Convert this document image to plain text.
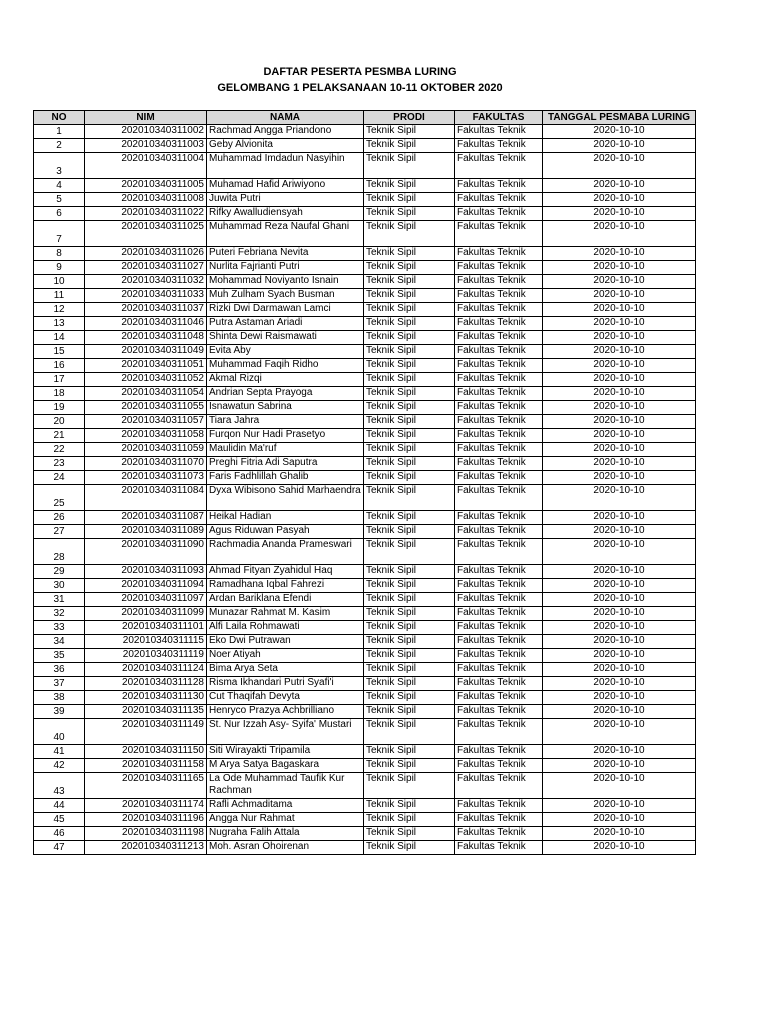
DAFTAR PESERTA PESMBA LURING
GELOMBANG 1 PELAKSANAAN 10-11 OKTOBER 2020
NO	NIM	NAMA	PRODI	FAKULTAS	TANGGAL PESMABA LURING
1	202010340311002	Rachmad Angga Priandono	Teknik Sipil	Fakultas Teknik	2020-10-10
2	202010340311003	Geby Alvionita	Teknik Sipil	Fakultas Teknik	2020-10-10
3	202010340311004	Muhammad Imdadun Nasyihin	Teknik Sipil	Fakultas Teknik	2020-10-10
4	202010340311005	Muhamad Hafid Ariwiyono	Teknik Sipil	Fakultas Teknik	2020-10-10
5	202010340311008	Juwita Putri	Teknik Sipil	Fakultas Teknik	2020-10-10
6	202010340311022	Rifky Awalludiensyah	Teknik Sipil	Fakultas Teknik	2020-10-10
7	202010340311025	Muhammad Reza Naufal Ghani	Teknik Sipil	Fakultas Teknik	2020-10-10
8	202010340311026	Puteri Febriana Nevita	Teknik Sipil	Fakultas Teknik	2020-10-10
9	202010340311027	Nurlita Fajrianti Putri	Teknik Sipil	Fakultas Teknik	2020-10-10
10	202010340311032	Mohammad Noviyanto Isnain	Teknik Sipil	Fakultas Teknik	2020-10-10
11	202010340311033	Muh Zulham Syach Busman	Teknik Sipil	Fakultas Teknik	2020-10-10
12	202010340311037	Rizki Dwi Darmawan Lamci	Teknik Sipil	Fakultas Teknik	2020-10-10
13	202010340311046	Putra Astaman Ariadi	Teknik Sipil	Fakultas Teknik	2020-10-10
14	202010340311048	Shinta Dewi Raismawati	Teknik Sipil	Fakultas Teknik	2020-10-10
15	202010340311049	Evita Aby	Teknik Sipil	Fakultas Teknik	2020-10-10
16	202010340311051	Muhammad Faqih Ridho	Teknik Sipil	Fakultas Teknik	2020-10-10
17	202010340311052	Akmal Rizqi	Teknik Sipil	Fakultas Teknik	2020-10-10
18	202010340311054	Andrian Septa Prayoga	Teknik Sipil	Fakultas Teknik	2020-10-10
19	202010340311055	Isnawatun Sabrina	Teknik Sipil	Fakultas Teknik	2020-10-10
20	202010340311057	Tiara Jahra	Teknik Sipil	Fakultas Teknik	2020-10-10
21	202010340311058	Furqon Nur Hadi Prasetyo	Teknik Sipil	Fakultas Teknik	2020-10-10
22	202010340311059	Maulidin Ma'ruf	Teknik Sipil	Fakultas Teknik	2020-10-10
23	202010340311070	Preghi Fitria Adi Saputra	Teknik Sipil	Fakultas Teknik	2020-10-10
24	202010340311073	Faris Fadhlillah Ghalib	Teknik Sipil	Fakultas Teknik	2020-10-10
25	202010340311084	Dyxa Wibisono Sahid Marhaendra	Teknik Sipil	Fakultas Teknik	2020-10-10
26	202010340311087	Heikal Hadian	Teknik Sipil	Fakultas Teknik	2020-10-10
27	202010340311089	Agus Riduwan Pasyah	Teknik Sipil	Fakultas Teknik	2020-10-10
28	202010340311090	Rachmadia Ananda Prameswari	Teknik Sipil	Fakultas Teknik	2020-10-10
29	202010340311093	Ahmad Fityan Zyahidul Haq	Teknik Sipil	Fakultas Teknik	2020-10-10
30	202010340311094	Ramadhana Iqbal Fahrezi	Teknik Sipil	Fakultas Teknik	2020-10-10
31	202010340311097	Ardan Bariklana Efendi	Teknik Sipil	Fakultas Teknik	2020-10-10
32	202010340311099	Munazar Rahmat M. Kasim	Teknik Sipil	Fakultas Teknik	2020-10-10
33	202010340311101	Alfi Laila Rohmawati	Teknik Sipil	Fakultas Teknik	2020-10-10
34	202010340311115	Eko Dwi Putrawan	Teknik Sipil	Fakultas Teknik	2020-10-10
35	202010340311119	Noer Atiyah	Teknik Sipil	Fakultas Teknik	2020-10-10
36	202010340311124	Bima Arya Seta	Teknik Sipil	Fakultas Teknik	2020-10-10
37	202010340311128	Risma Ikhandari Putri Syafi'i	Teknik Sipil	Fakultas Teknik	2020-10-10
38	202010340311130	Cut Thaqifah Devyta	Teknik Sipil	Fakultas Teknik	2020-10-10
39	202010340311135	Henryco Prazya Achbrilliano	Teknik Sipil	Fakultas Teknik	2020-10-10
40	202010340311149	St. Nur Izzah Asy- Syifa' Mustari	Teknik Sipil	Fakultas Teknik	2020-10-10
41	202010340311150	Siti Wirayakti Tripamila	Teknik Sipil	Fakultas Teknik	2020-10-10
42	202010340311158	M Arya Satya Bagaskara	Teknik Sipil	Fakultas Teknik	2020-10-10
43	202010340311165	La Ode Muhammad Taufik Kur Rachman	Teknik Sipil	Fakultas Teknik	2020-10-10
44	202010340311174	Rafli Achmaditama	Teknik Sipil	Fakultas Teknik	2020-10-10
45	202010340311196	Angga Nur Rahmat	Teknik Sipil	Fakultas Teknik	2020-10-10
46	202010340311198	Nugraha Falih Attala	Teknik Sipil	Fakultas Teknik	2020-10-10
47	202010340311213	Moh. Asran Ohoirenan	Teknik Sipil	Fakultas Teknik	2020-10-10
